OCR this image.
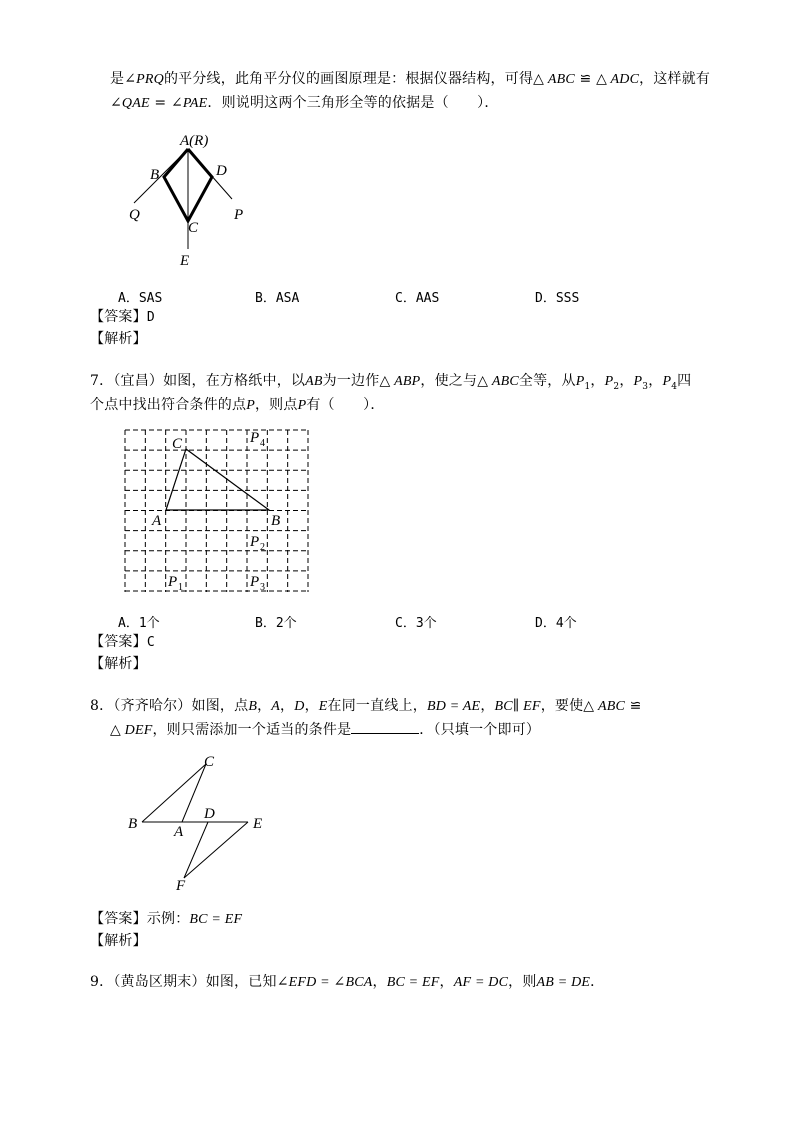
是∠PRQ的平分线，此角平分仪的画图原理是：根据仪器结构，可得△ ABC ≌ △ ADC，这样就有
∠QAE = ∠PAE．则说明这两个三角形全等的依据是（　　）．
A(R)
B	D
C
Q	P
E
A．SAS	B．ASA	C．AAS	D．SSS
【答案】D
【解析】
7．（宜昌）如图，在方格纸中，以AB为一边作△ ABP，使之与△ ABC全等，从$P_1$，$P_2$，$P_3$，$P_4$四
个点中找出符合条件的点P，则点P有（　　）．
C
A	B
P 4
P 2
P 1	P 3
A．1个	B．2个	C．3个	D．4个
【答案】C
【解析】
8．（齐齐哈尔）如图，点B，A，D，E在同一直线上，BD = AE，BC∥ EF，要使△ ABC ≌
△ DEF，则只需添加一个适当的条件是	．（只填一个即可）
C
B A
D
E
F
【答案】示例：BC = EF
【解析】
9．（黄岛区期末）如图，已知∠EFD = ∠BCA，BC = EF，AF = DC，则AB = DE．
